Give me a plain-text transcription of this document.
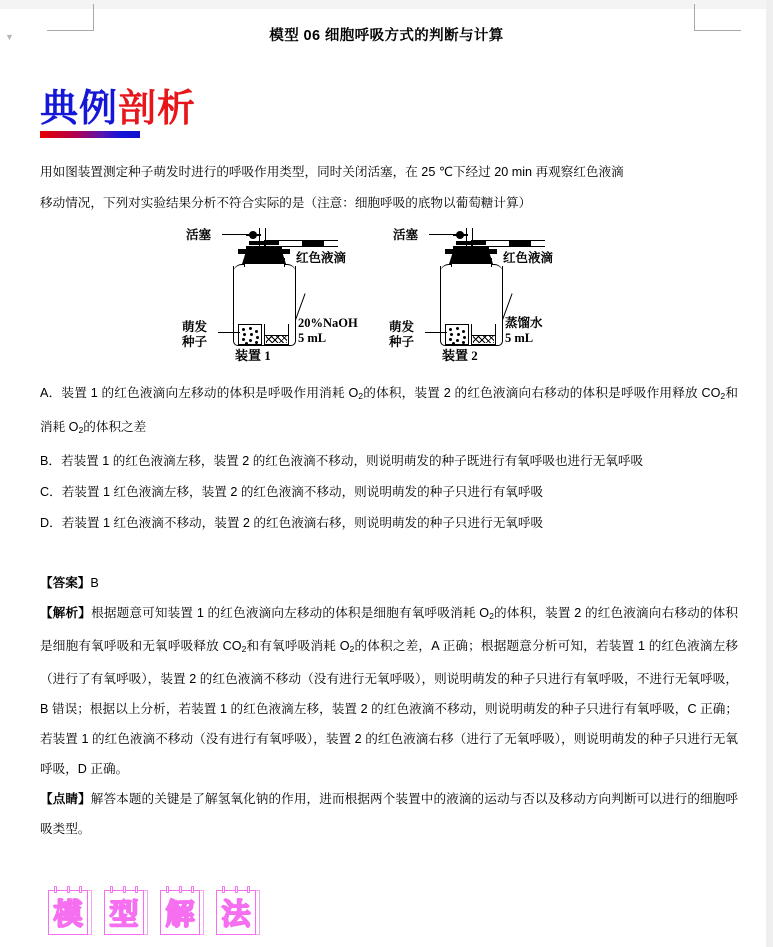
▼	模型 06 细胞呼吸方式的判断与计算
典例剖析
用如图装置测定种子萌发时进行的呼吸作用类型，同时关闭活塞，在 25 ℃下经过 20 min 再观察红色液滴
移动情况，下列对实验结果分析不符合实际的是（注意：细胞呼吸的底物以葡萄糖计算）
活塞
红色液滴
萌发
种子
20%NaOH
5 mL
装置 1
活塞
红色液滴
萌发
种子
蒸馏水
5 mL
装置 2

A．装置 1 的红色液滴向左移动的体积是呼吸作用消耗 $O_2$的体积，装置 2 的红色液滴向右移动的体积是呼吸作用释放 $CO_2$和消耗 $O_2$的体积之差

B．若装置 1 的红色液滴左移，装置 2 的红色液滴不移动，则说明萌发的种子既进行有氧呼吸也进行无氧呼吸

C．若装置 1 红色液滴左移，装置 2 的红色液滴不移动，则说明萌发的种子只进行有氧呼吸

D．若装置 1 红色液滴不移动，装置 2 的红色液滴右移，则说明萌发的种子只进行无氧呼吸

【答案】B

【解析】根据题意可知装置 1 的红色液滴向左移动的体积是细胞有氧呼吸消耗 $O_2$的体积，装置 2 的红色液滴向右移动的体积是细胞有氧呼吸和无氧呼吸释放 $CO_2$和有氧呼吸消耗 $O_2$的体积之差，A 正确；根据题意分析可知，若装置 1 的红色液滴左移（进行了有氧呼吸），装置 2 的红色液滴不移动（没有进行无氧呼吸），则说明萌发的种子只进行有氧呼吸，不进行无氧呼吸，B 错误；根据以上分析，若装置 1 的红色液滴左移，装置 2 的红色液滴不移动，则说明萌发的种子只进行有氧呼吸，C 正确；若装置 1 的红色液滴不移动（没有进行有氧呼吸），装置 2 的红色液滴右移（进行了无氧呼吸），则说明萌发的种子只进行无氧呼吸，D 正确。

【点睛】解答本题的关键是了解氢氧化钠的作用，进而根据两个装置中的液滴的运动与否以及移动方向判断可以进行的细胞呼吸类型。

模 型 解 法
